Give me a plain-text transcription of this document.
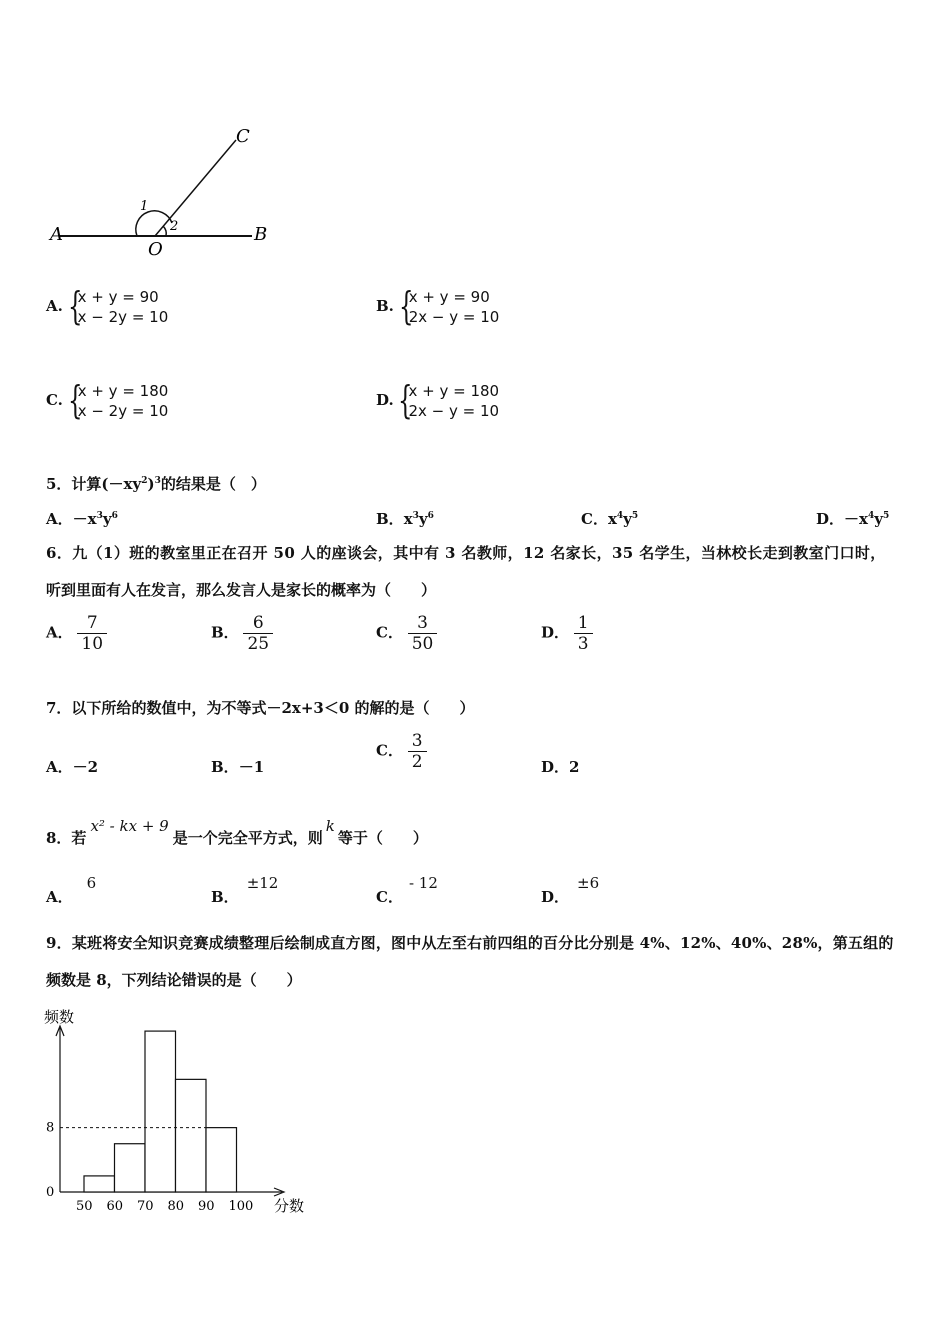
A
O
B
C
1
2
A. {
x + y = 90
x − 2y = 10
B. {
x + y = 90
2x − y = 10
C. {
x + y = 180
x − 2y = 10
D. {
x + y = 180
2x − y = 10
5．计算$(-xy^2)^3$的结果是（　）
A．$-x^3y^6$	B．$x^3y^6$	C．$x^4y^5$	D．$-x^4y^5$
6．九（1）班的教室里正在召开 50 人的座谈会，其中有 3 名教师，12 名家长，35 名学生，当林校长走到教室门口时，
听到里面有人在发言，那么发言人是家长的概率为（　　）
A． $\frac{7}{10}$	B． $\frac{6}{25}$	C． $\frac{3}{50}$	D． $\frac{1}{3}$
7．以下所给的数值中，为不等式－2x+3＜0 的解的是（　　）
A．－2	B．－1
C． $\frac{3}{2}$	D．2
8．若x² - kx + 9是一个完全平方式，则k等于（　　）
A．6
B．±12
C．- 12
D．±6
9．某班将安全知识竞赛成绩整理后绘制成直方图，图中从左至右前四组的百分比分别是 4%、12%、40%、28%，第五组的
频数是 8，下列结论错误的是（　　）
频数
分数
50 60 70 80 90 100
0
8
